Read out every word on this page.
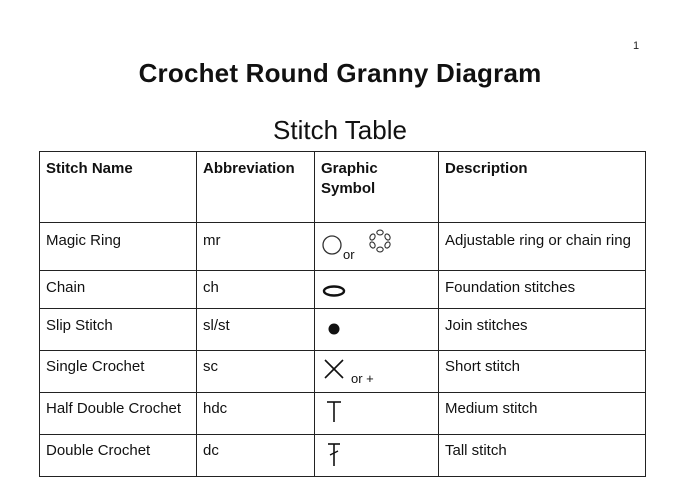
1
Crochet Round Granny Diagram
Stitch Table
Stitch Name	Abbreviation	Graphic Symbol	Description
Magic Ring	mr	or	Adjustable ring or chain ring
Chain	ch		Foundation stitches
Slip Stitch	sl/st		Join stitches
Single Crochet	sc	or +	Short stitch
Half Double Crochet	hdc		Medium stitch
Double Crochet	dc		Tall stitch
